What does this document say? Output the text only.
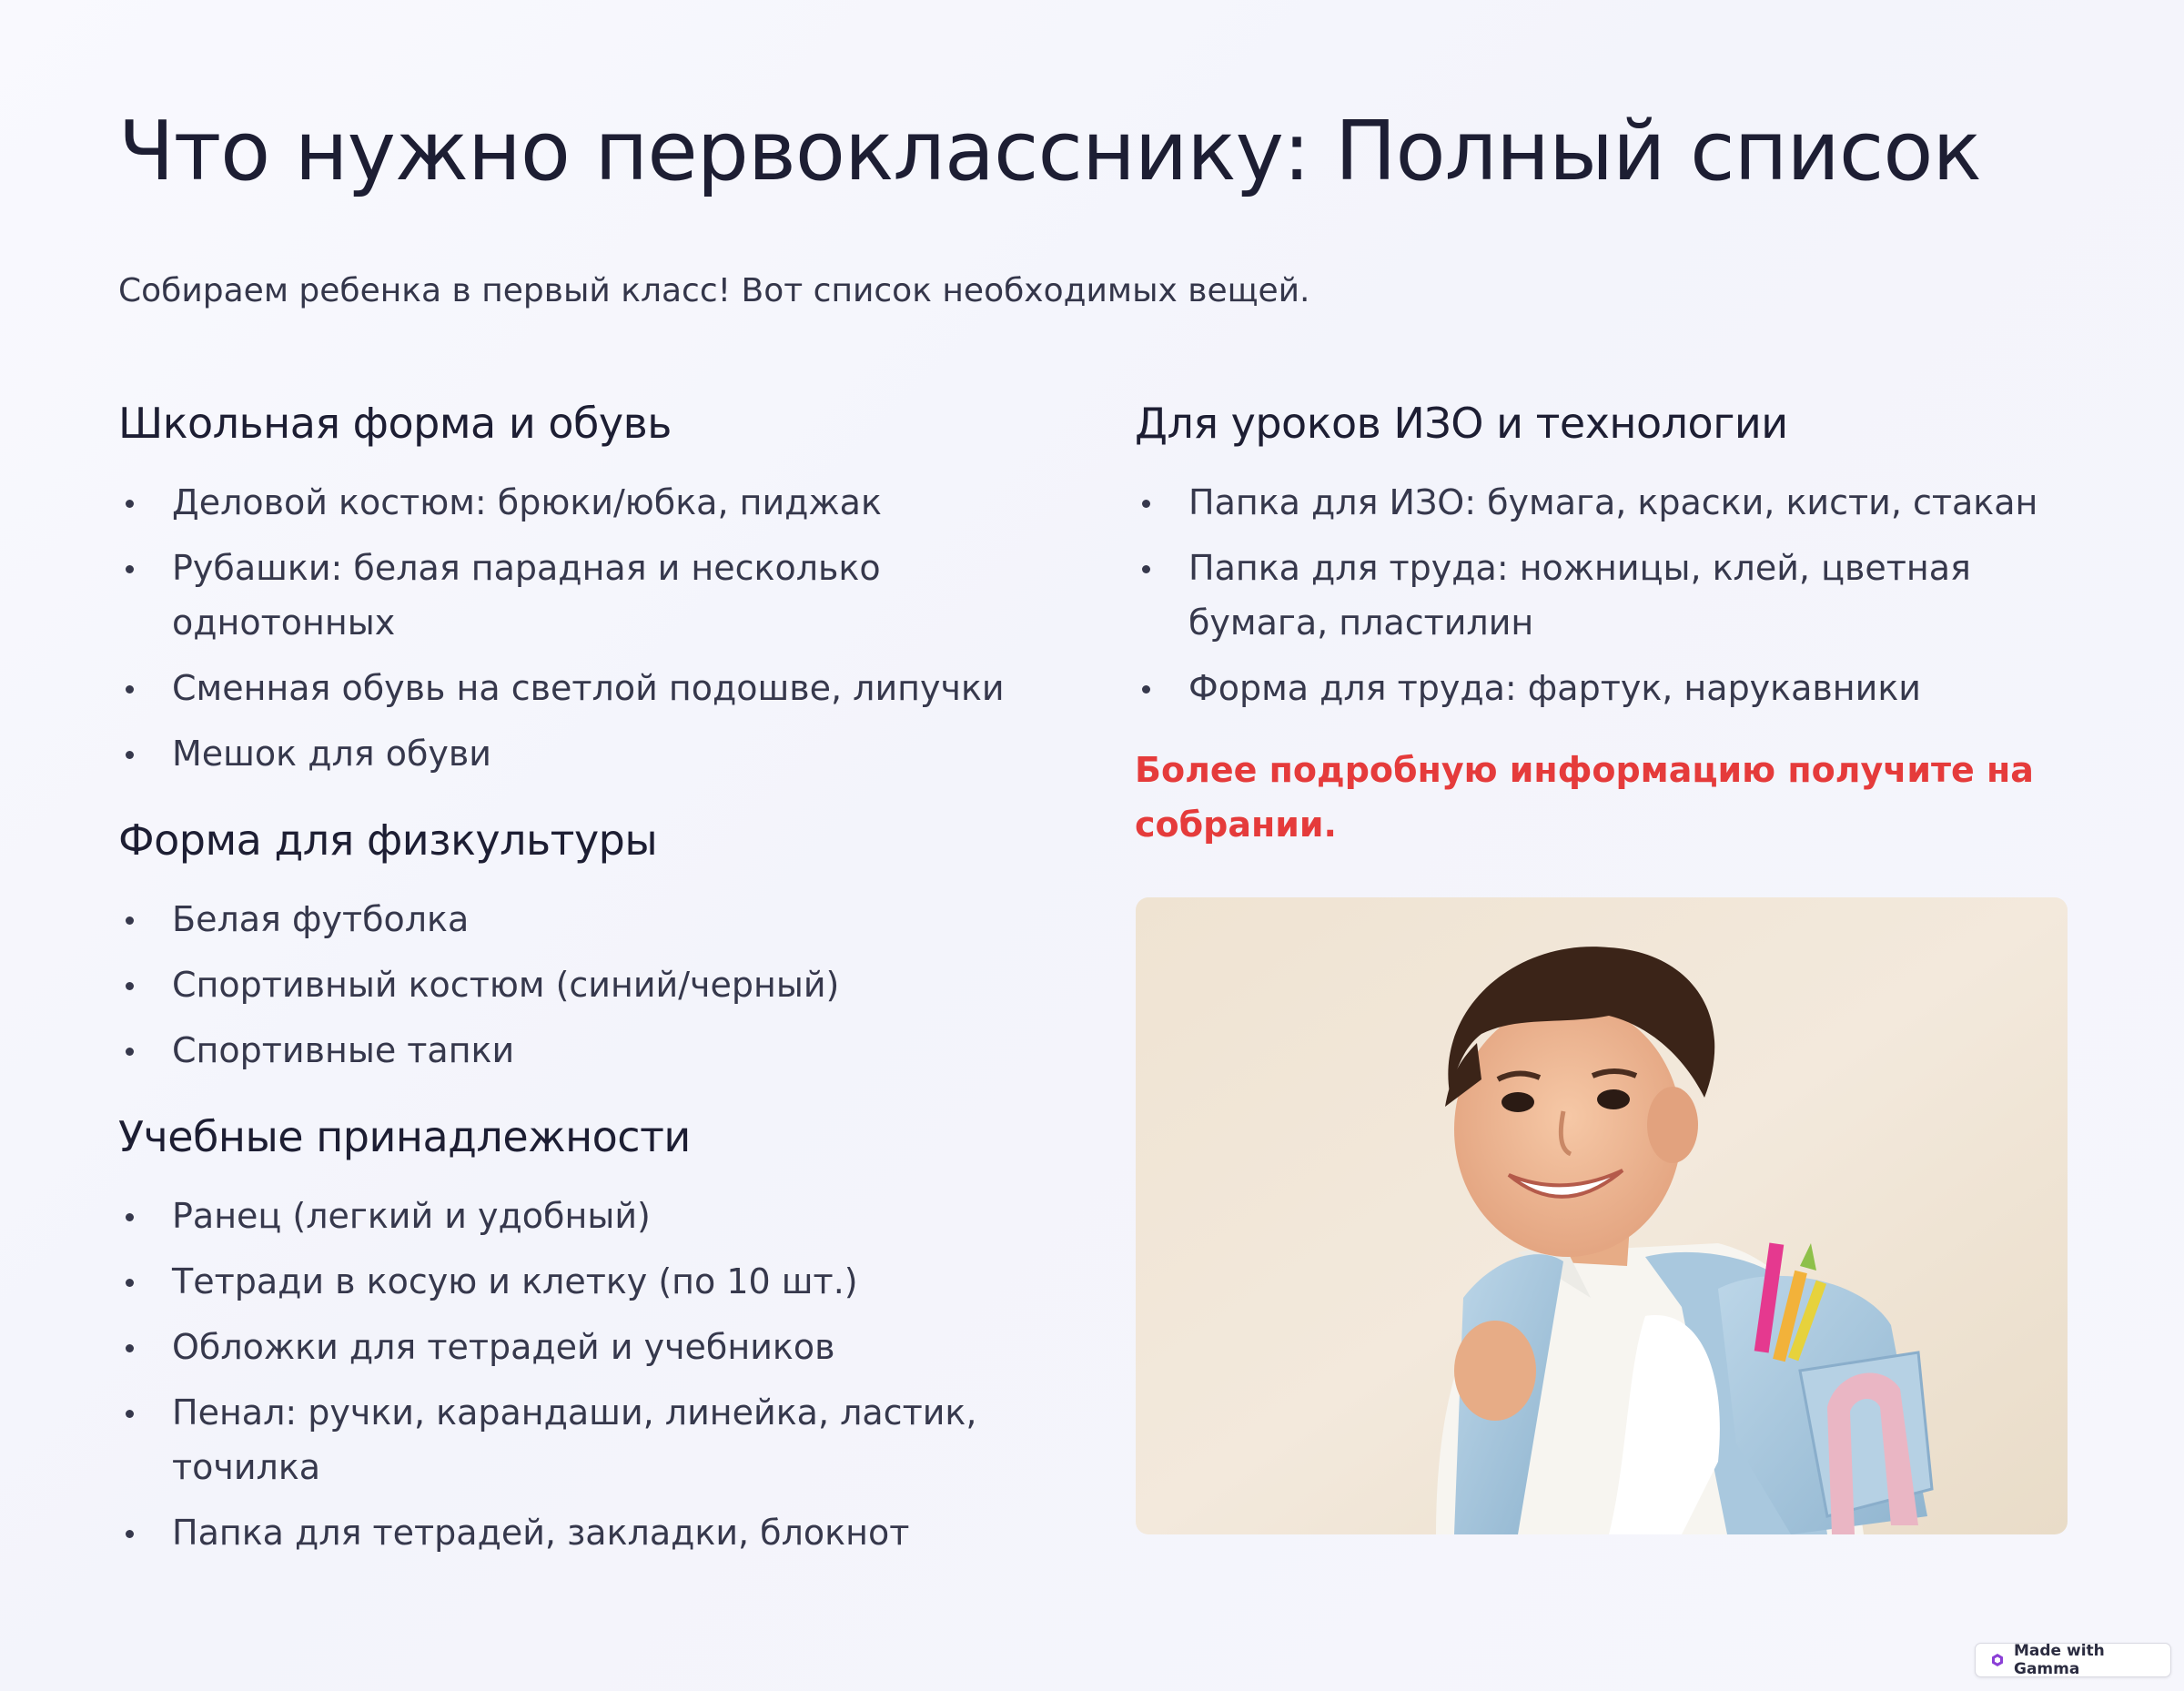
Что нужно первокласснику: Полный список

Собираем ребенка в первый класс! Вот список необходимых вещей.

Школьная форма и обувь
Деловой костюм: брюки/юбка, пиджак
Рубашки: белая парадная и несколько однотонных
Сменная обувь на светлой подошве, липучки
Мешок для обуви
Форма для физкультуры
Белая футболка
Спортивный костюм (синий/черный)
Спортивные тапки
Учебные принадлежности
Ранец (легкий и удобный)
Тетради в косую и клетку (по 10 шт.)
Обложки для тетрадей и учебников
Пенал: ручки, карандаши, линейка, ластик, точилка
Папка для тетрадей, закладки, блокнот
Для уроков ИЗО и технологии
Папка для ИЗО: бумага, краски, кисти, стакан
Папка для труда: ножницы, клей, цветная бумага, пластилин
Форма для труда: фартук, нарукавники

Более подробную информацию получите на собрании.

Made with Gamma
